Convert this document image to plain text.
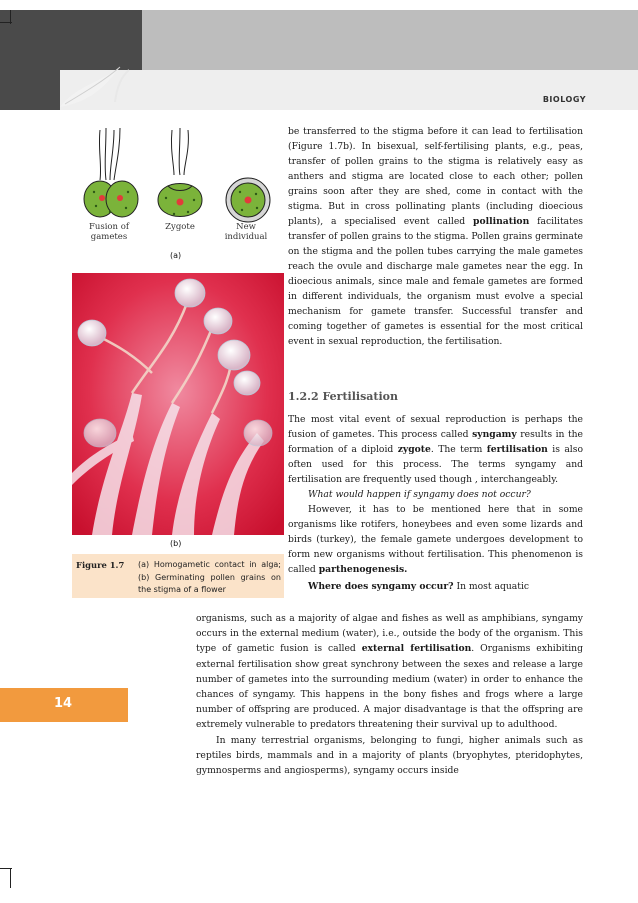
BIOLOGY
Fusion of gametes
Zygote	New individual
(a)
(b)
Figure 1.7 (a) Homogametic contact in alga; (b) Germinating pollen grains on the stigma of a flower

be transferred to the stigma before it can lead to fertilisation (Figure 1.7b). In bisexual, self-fertilising plants, e.g., peas, transfer of pollen grains to the stigma is relatively easy as anthers and stigma are located close to each other; pollen grains soon after they are shed, come in contact with the stigma. But in cross pollinating plants (including dioecious plants), a specialised event called pollination facilitates transfer of pollen grains to the stigma. Pollen grains germinate on the stigma and the pollen tubes carrying the male gametes reach the ovule and discharge male gametes near the egg. In dioecious animals, since male and female gametes are formed in different individuals, the organism must evolve a special mechanism for gamete transfer. Successful transfer and coming together of gametes is essential for the most critical event in sexual reproduction, the fertilisation.

1.2.2 Fertilisation

The most vital event of sexual reproduction is perhaps the fusion of gametes. This process called syngamy results in the formation of a diploid zygote. The term fertilisation is also often used for this process. The terms syngamy and fertilisation are frequently used though , interchangeably.

What would happen if syngamy does not occur?

However, it has to be mentioned here that in some organisms like rotifers, honeybees and even some lizards and birds (turkey), the female gamete undergoes development to form new organisms without fertilisation. This phenomenon is called parthenogenesis.

Where does syngamy occur? In most aquatic

organisms, such as a majority of algae and fishes as well as amphibians, syngamy occurs in the external medium (water), i.e., outside the body of the organism. This type of gametic fusion is called external fertilisation. Organisms exhibiting external fertilisation show great synchrony between the sexes and release a large number of gametes into the surrounding medium (water) in order to enhance the chances of syngamy. This happens in the bony fishes and frogs where a large number of offspring are produced. A major disadvantage is that the offspring are extremely vulnerable to predators threatening their survival up to adulthood.

In many terrestrial organisms, belonging to fungi, higher animals such as reptiles birds, mammals and in a majority of plants (bryophytes, pteridophytes, gymnosperms and angiosperms), syngamy occurs inside

14
